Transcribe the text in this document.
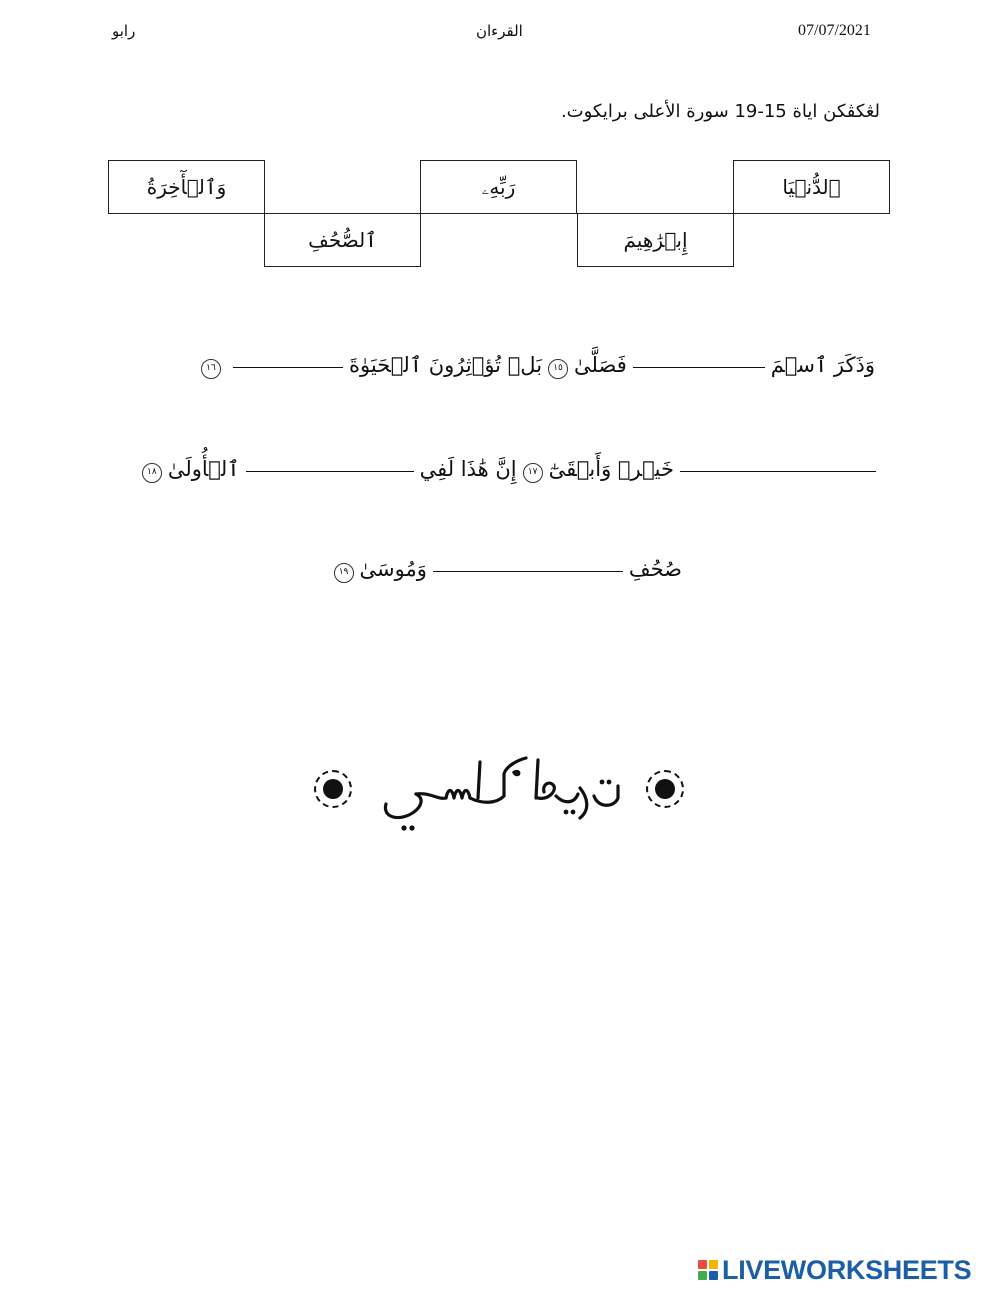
07/07/2021
القرءان
رابو
لڠكڤكن اياة 15-19 سورة الأعلى برايكوت.
ٱلدُّنۡيَا
رَبِّهِۦ
وَٱلۡأٓخِرَةُ
إِبۡرَٰهِيمَ
ٱلصُّحُفِ
وَذَكَرَ ٱسۡمَ
فَصَلَّىٰ
١٥
بَلۡ تُؤۡثِرُونَ ٱلۡحَيَوٰةَ
١٦
خَيۡرٞ وَأَبۡقَىٰٓ
١٧
إِنَّ هَٰذَا لَفِي
ٱلۡأُولَىٰ
١٨
صُحُفِ
وَمُوسَىٰ
١٩
LIVEWORKSHEETS
